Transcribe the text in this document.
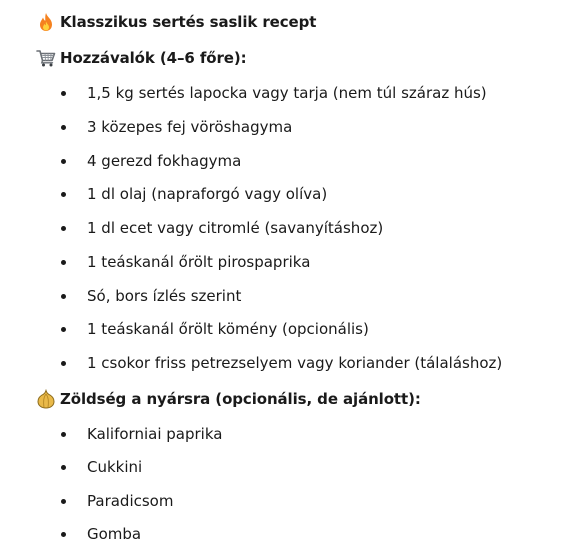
Klasszikus sertés saslik recept
Hozzávalók (4–6 főre):
1,5 kg sertés lapocka vagy tarja (nem túl száraz hús)
3 közepes fej vöröshagyma
4 gerezd fokhagyma
1 dl olaj (napraforgó vagy olíva)
1 dl ecet vagy citromlé (savanyításhoz)
1 teáskanál őrölt pirospaprika
Só, bors ízlés szerint
1 teáskanál őrölt kömény (opcionális)
1 csokor friss petrezselyem vagy koriander (tálaláshoz)
Zöldség a nyársra (opcionális, de ajánlott):
Kaliforniai paprika
Cukkini
Paradicsom
Gomba
